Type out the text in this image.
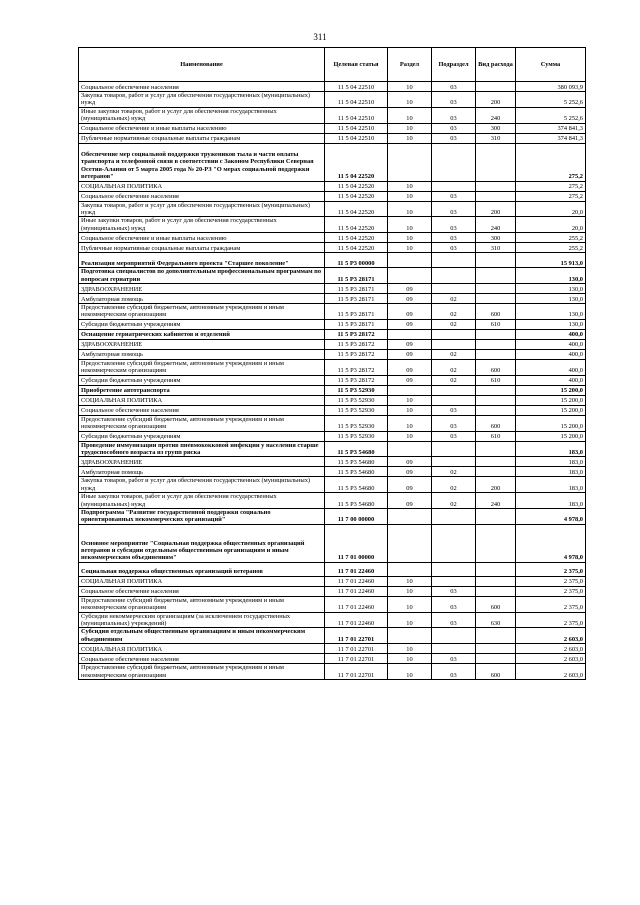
311
Наименование	Целевая статья	Раздел	Подраздел	Вид расхода	Сумма
Социальное обеспечение населения	11 5 04 22510	10	03		380 093,9
Закупка товаров, работ и услуг для обеспечения государственных (муниципальных) нужд	11 5 04 22510	10	03	200	5 252,6
Иные закупки товаров, работ и услуг для обеспечения государственных (муниципальных) нужд	11 5 04 22510	10	03	240	5 252,6
Социальное обеспечение и иные выплаты населению	11 5 04 22510	10	03	300	374 841,3
Публичные нормативные социальные выплаты гражданам	11 5 04 22510	10	03	310	374 841,3
Обеспечение мер социальной поддержки тружеников тыла и части оплаты транспорта и телефонной связи в соответствии с Законом Республики Северная Осетия-Алания от 5 марта 2005 года № 20-РЗ "О мерах социальной поддержки ветеранов"	11 5 04 22520				275,2
СОЦИАЛЬНАЯ ПОЛИТИКА	11 5 04 22520	10			275,2
Социальное обеспечение населения	11 5 04 22520	10	03		275,2
Закупка товаров, работ и услуг для обеспечения государственных (муниципальных) нужд	11 5 04 22520	10	03	200	20,0
Иные закупки товаров, работ и услуг для обеспечения государственных (муниципальных) нужд	11 5 04 22520	10	03	240	20,0
Социальное обеспечение и иные выплаты населению	11 5 04 22520	10	03	300	255,2
Публичные нормативные социальные выплаты гражданам	11 5 04 22520	10	03	310	255,2
Реализация мероприятий Федерального проекта "Старшее поколение"	11 5 P3 00000				15 913,0
Подготовка специалистов по дополнительным профессиональным программам по вопросам гериатрии	11 5 P3 28171				130,0
ЗДРАВООХРАНЕНИЕ	11 5 P3 28171	09			130,0
Амбулаторная помощь	11 5 P3 28171	09	02		130,0
Предоставление субсидий бюджетным, автономным учреждениям и иным некоммерческим организациям	11 5 P3 28171	09	02	600	130,0
Субсидии бюджетным учреждениям	11 5 P3 28171	09	02	610	130,0
Оснащение гериатрических кабинетов и отделений	11 5 P3 28172				400,0
ЗДРАВООХРАНЕНИЕ	11 5 P3 28172	09			400,0
Амбулаторная помощь	11 5 P3 28172	09	02		400,0
Предоставление субсидий бюджетным, автономным учреждениям и иным некоммерческим организациям	11 5 P3 28172	09	02	600	400,0
Субсидии бюджетным учреждениям	11 5 P3 28172	09	02	610	400,0
Приобретение автотранспорта	11 5 P3 52930				15 200,0
СОЦИАЛЬНАЯ ПОЛИТИКА	11 5 P3 52930	10			15 200,0
Социальное обеспечение населения	11 5 P3 52930	10	03		15 200,0
Предоставление субсидий бюджетным, автономным учреждениям и иным некоммерческим организациям	11 5 P3 52930	10	03	600	15 200,0
Субсидии бюджетным учреждениям	11 5 P3 52930	10	03	610	15 200,0
Проведение иммунизации против пневмококковой инфекции у населения старше трудоспособного возраста из групп риска	11 5 P3 54680				183,0
ЗДРАВООХРАНЕНИЕ	11 5 P3 54680	09			183,0
Амбулаторная помощь	11 5 P3 54680	09	02		183,0
Закупка товаров, работ и услуг для обеспечения государственных (муниципальных) нужд	11 5 P3 54680	09	02	200	183,0
Иные закупки товаров, работ и услуг для обеспечения государственных (муниципальных) нужд	11 5 P3 54680	09	02	240	183,0
Подпрограмма "Развитие государственной поддержки социально ориентированных некоммерческих организаций"	11 7 00 00000				4 978,0
Основное мероприятие "Социальная поддержка общественных организаций ветеранов и субсидии отдельным общественным организациям и иным некоммерческим объединениям"	11 7 01 00000				4 978,0
Социальная поддержка общественных организаций ветеранов	11 7 01 22460				2 375,0
СОЦИАЛЬНАЯ ПОЛИТИКА	11 7 01 22460	10			2 375,0
Социальное обеспечение населения	11 7 01 22460	10	03		2 375,0
Предоставление субсидий бюджетным, автономным учреждениям и иным некоммерческим организациям	11 7 01 22460	10	03	600	2 375,0
Субсидии некоммерческим организациям (за исключением государственных (муниципальных) учреждений)	11 7 01 22460	10	03	630	2 375,0
Субсидии отдельным общественным организациям и иным некоммерческим объединениям	11 7 01 22701				2 603,0
СОЦИАЛЬНАЯ ПОЛИТИКА	11 7 01 22701	10			2 603,0
Социальное обеспечение населения	11 7 01 22701	10	03		2 603,0
Предоставление субсидий бюджетным, автономным учреждениям и иным некоммерческим организациям	11 7 01 22701	10	03	600	2 603,0
